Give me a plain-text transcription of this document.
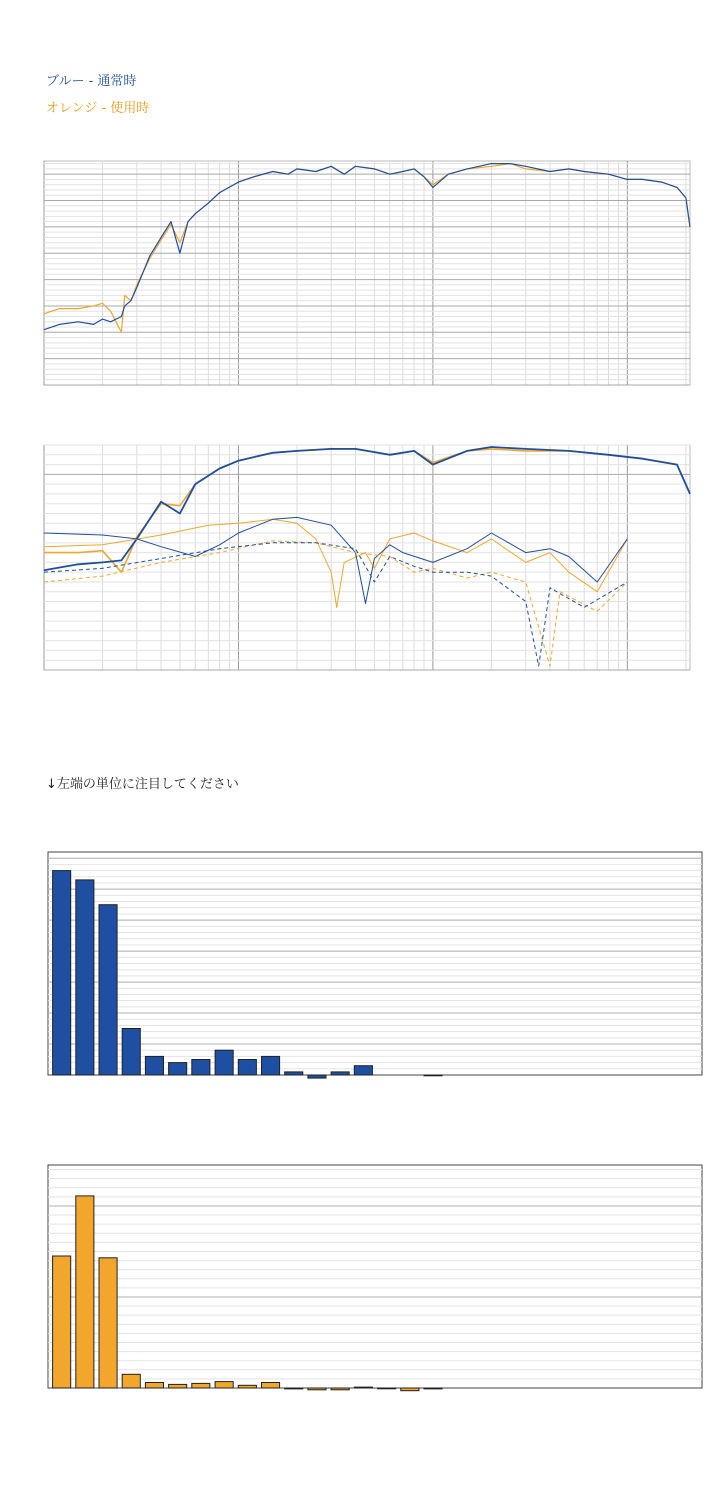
ブルー - 通常時
オレンジ - 使用時
↓左端の単位に注目してください
